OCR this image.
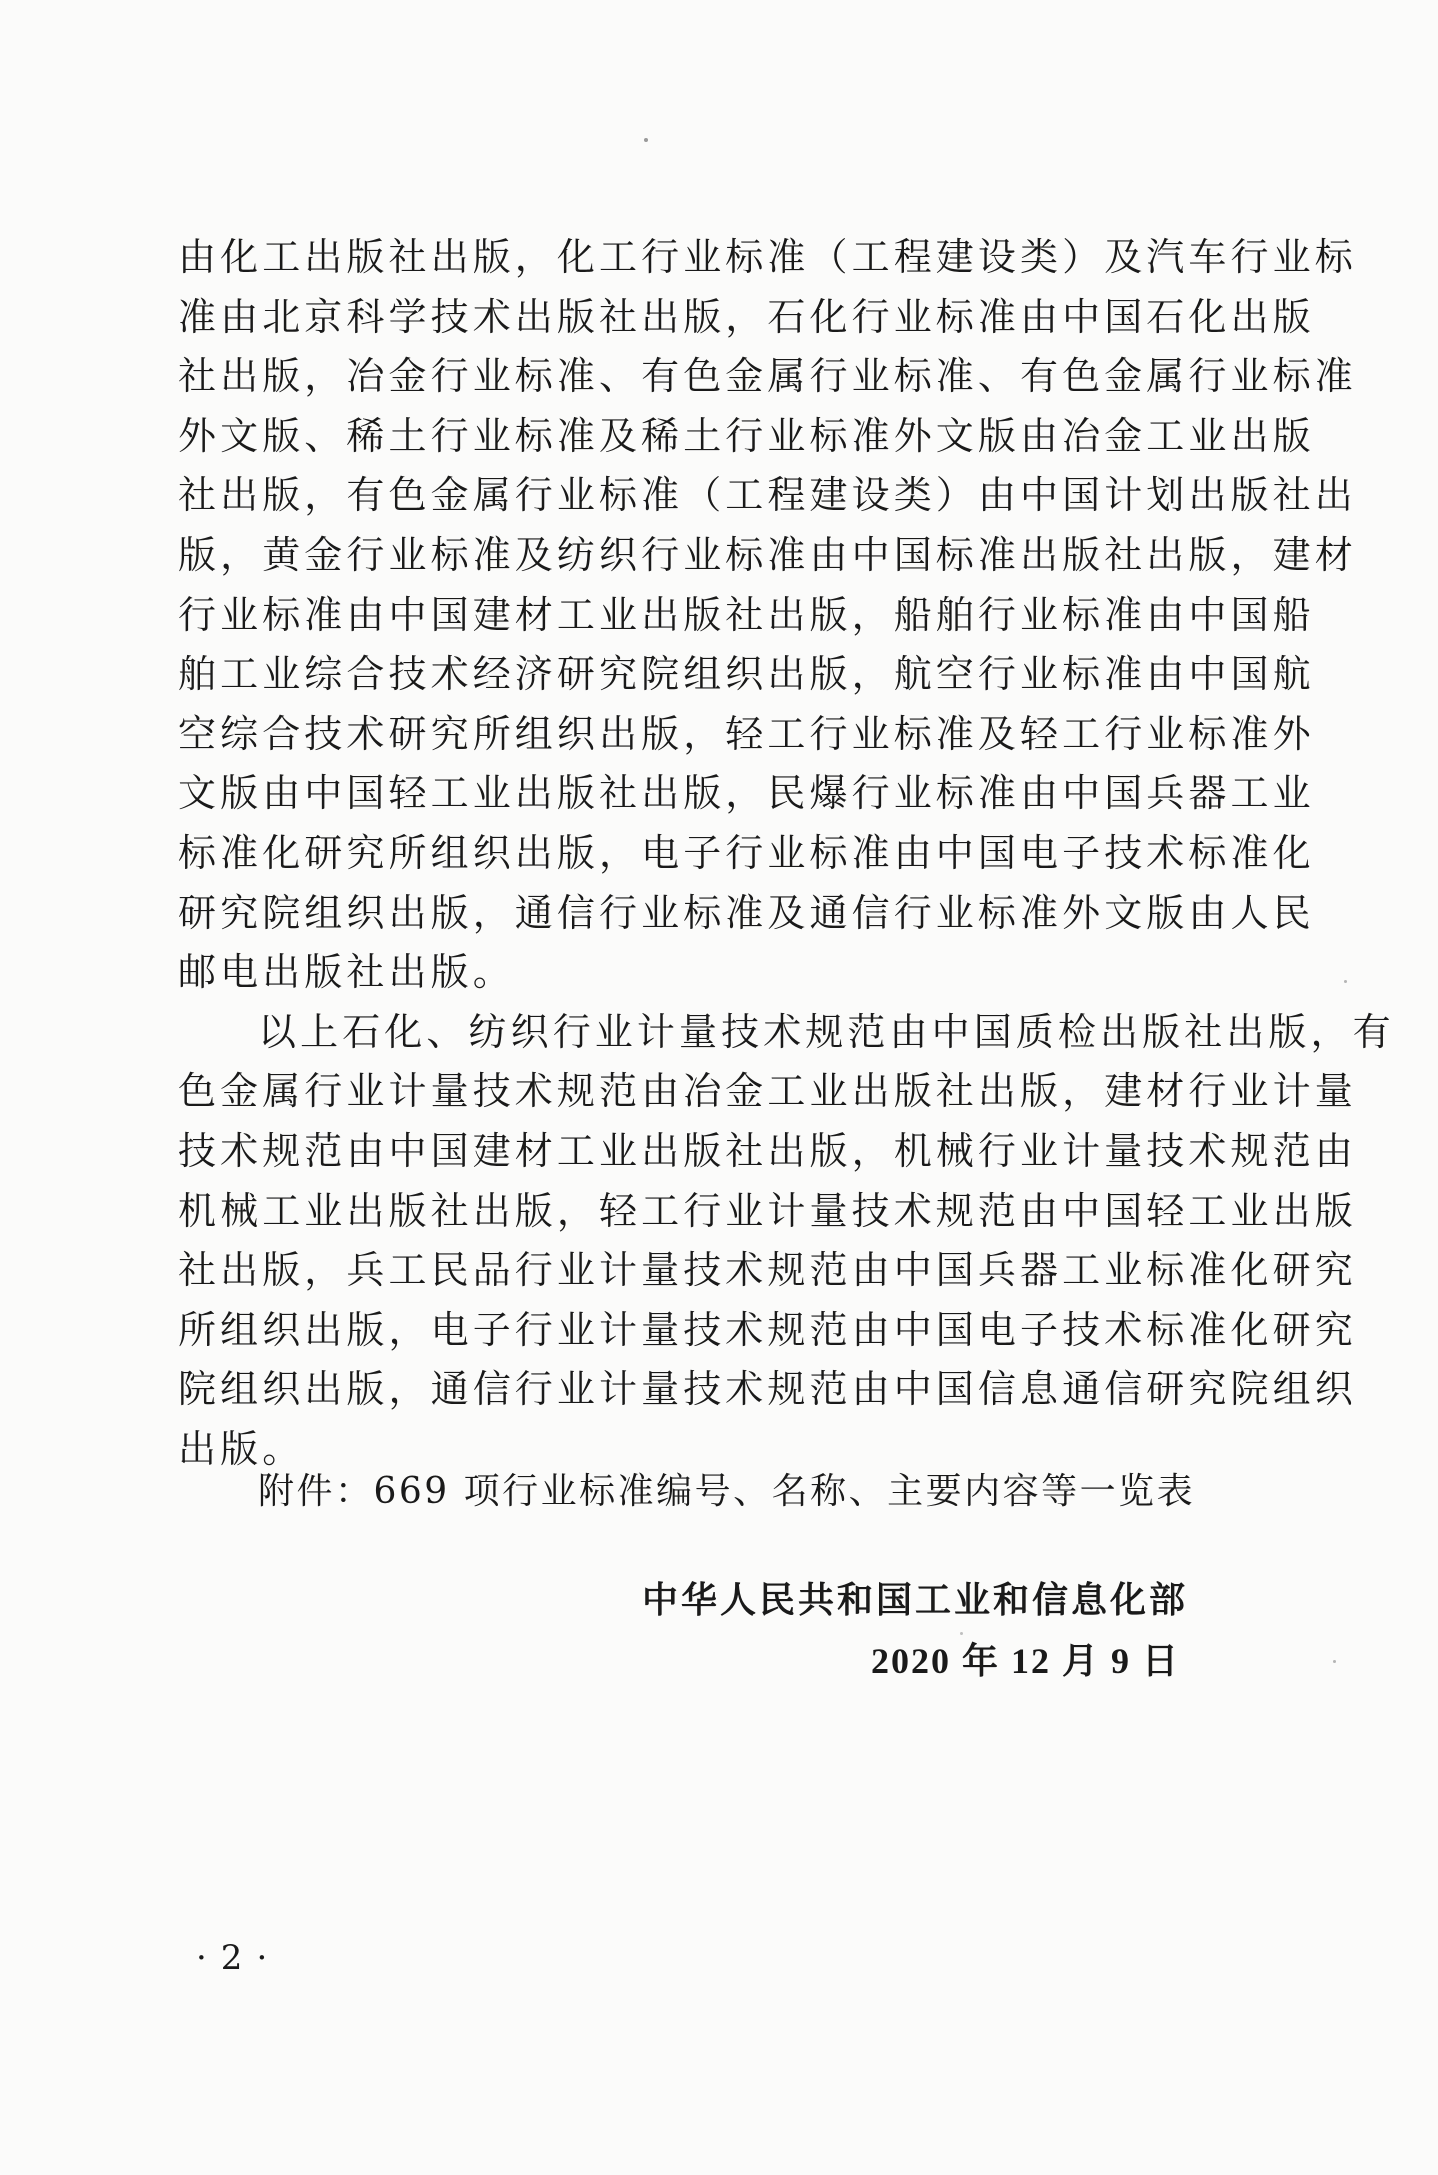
由化工出版社出版，化工行业标准（工程建设类）及汽车行业标
准由北京科学技术出版社出版，石化行业标准由中国石化出版
社出版，冶金行业标准、有色金属行业标准、有色金属行业标准
外文版、稀土行业标准及稀土行业标准外文版由冶金工业出版
社出版，有色金属行业标准（工程建设类）由中国计划出版社出
版，黄金行业标准及纺织行业标准由中国标准出版社出版，建材
行业标准由中国建材工业出版社出版，船舶行业标准由中国船
舶工业综合技术经济研究院组织出版，航空行业标准由中国航
空综合技术研究所组织出版，轻工行业标准及轻工行业标准外
文版由中国轻工业出版社出版，民爆行业标准由中国兵器工业
标准化研究所组织出版，电子行业标准由中国电子技术标准化
研究院组织出版，通信行业标准及通信行业标准外文版由人民
邮电出版社出版。
以上石化、纺织行业计量技术规范由中国质检出版社出版，有
色金属行业计量技术规范由冶金工业出版社出版，建材行业计量
技术规范由中国建材工业出版社出版，机械行业计量技术规范由
机械工业出版社出版，轻工行业计量技术规范由中国轻工业出版
社出版，兵工民品行业计量技术规范由中国兵器工业标准化研究
所组织出版，电子行业计量技术规范由中国电子技术标准化研究
院组织出版，通信行业计量技术规范由中国信息通信研究院组织
出版。
附件：669 项行业标准编号、名称、主要内容等一览表
中华人民共和国工业和信息化部
2020 年 12 月 9 日
·2·
